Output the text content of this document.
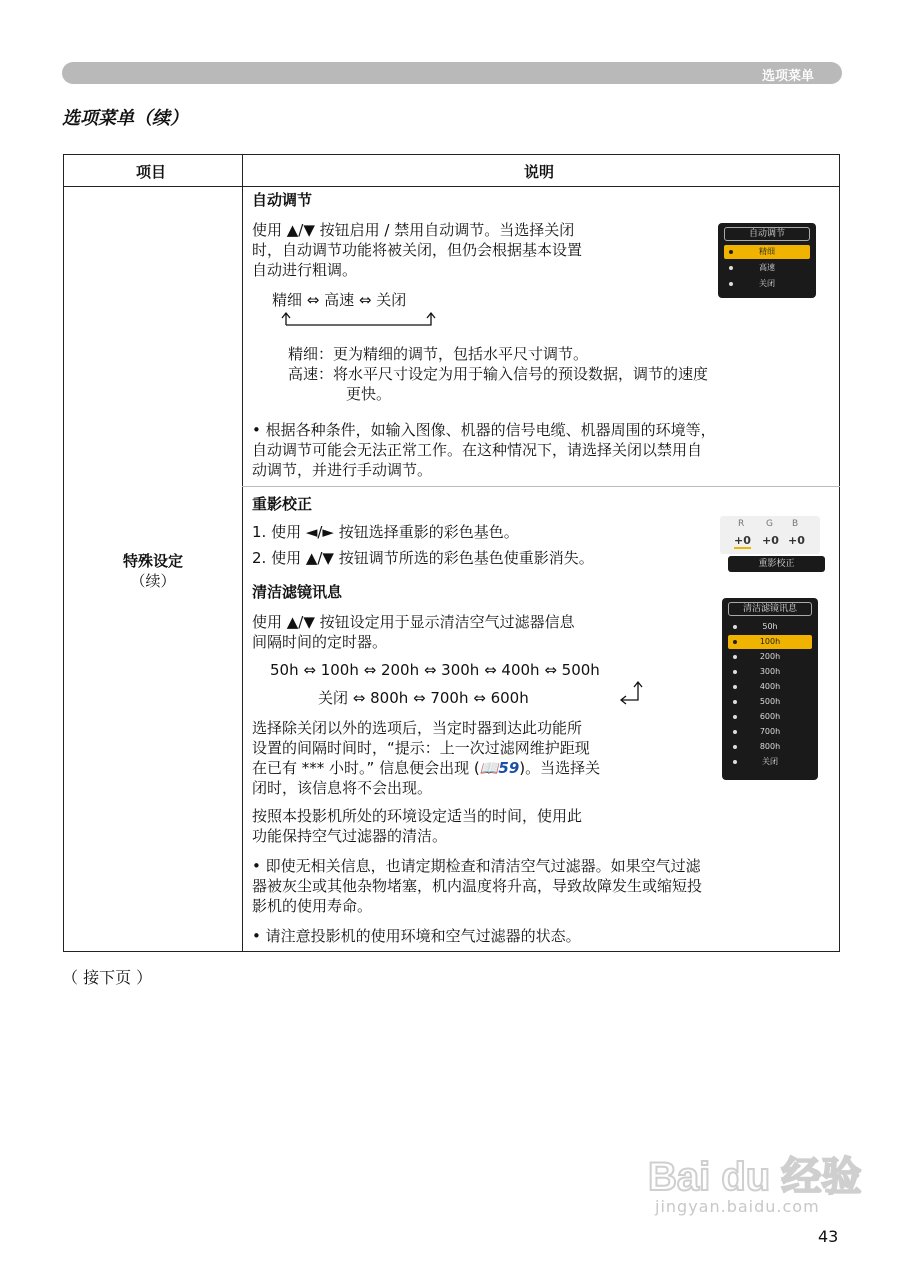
选项菜单
选项菜单（续）
项目	说明
特殊设定
（续）
自动调节
使用 ▲/▼ 按钮启用 / 禁用自动调节。当选择关闭
时，自动调节功能将被关闭，但仍会根据基本设置
自动进行粗调。
精细 ⇔ 高速 ⇔ 关闭
精细：更为精细的调节，包括水平尺寸调节。
高速：将水平尺寸设定为用于输入信号的预设数据，调节的速度
更快。
• 根据各种条件，如输入图像、机器的信号电缆、机器周围的环境等，
自动调节可能会无法正常工作。在这种情况下，请选择关闭以禁用自
动调节，并进行手动调节。
自动调节
精细
高速
关闭
重影校正
1. 使用 ◄/► 按钮选择重影的彩色基色。
2. 使用 ▲/▼ 按钮调节所选的彩色基色使重影消失。
R G B
+0 +0 +0
重影校正
清洁滤镜讯息
使用 ▲/▼ 按钮设定用于显示清洁空气过滤器信息
间隔时间的定时器。
50h ⇔ 100h ⇔ 200h ⇔ 300h ⇔ 400h ⇔ 500h
关闭 ⇔ 800h ⇔ 700h ⇔ 600h
选择除关闭以外的选项后，当定时器到达此功能所
设置的间隔时间时，“提示：上一次过滤网维护距现
在已有 *** 小时。” 信息便会出现 (📖59)。当选择关
闭时，该信息将不会出现。
按照本投影机所处的环境设定适当的时间，使用此
功能保持空气过滤器的清洁。
• 即使无相关信息，也请定期检查和清洁空气过滤器。如果空气过滤
器被灰尘或其他杂物堵塞，机内温度将升高，导致故障发生或缩短投
影机的使用寿命。
• 请注意投影机的使用环境和空气过滤器的状态。
清洁滤镜讯息
50h
100h
200h
300h
400h
500h
600h
700h
800h
关闭
（ 接下页 ）
Bai du 经验
jingyan.baidu.com
43
